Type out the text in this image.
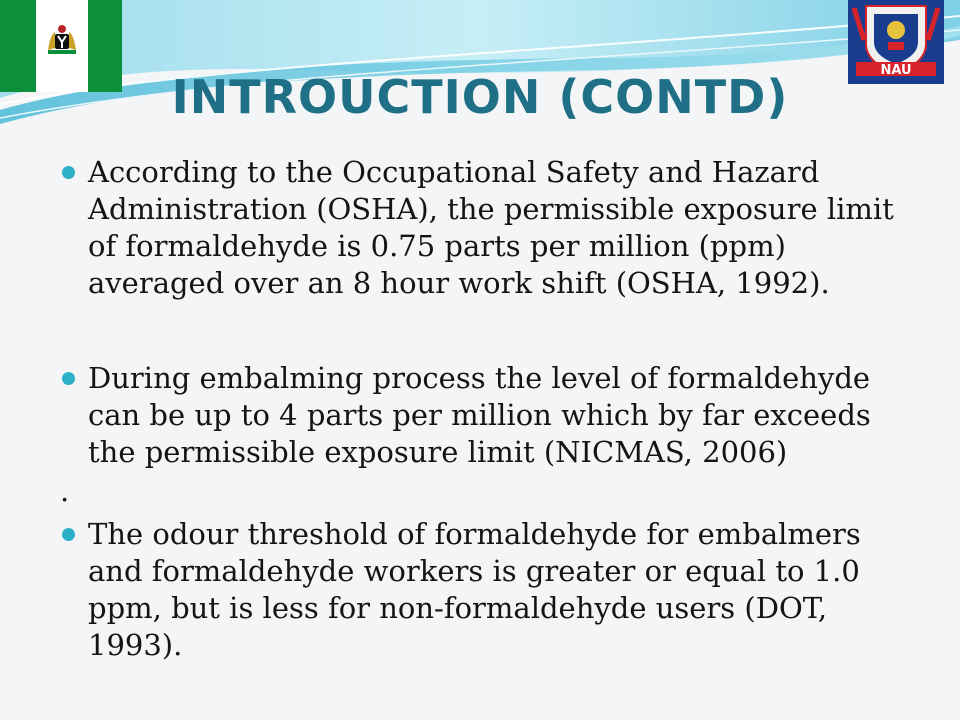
NAU
INTROUCTION (CONTD)
According to the Occupational Safety and Hazard Administration (OSHA), the permissible exposure limit of formaldehyde is 0.75 parts per million (ppm) averaged over an 8 hour work shift (OSHA, 1992).
During embalming process the level of formaldehyde can be up to 4 parts per million which by far exceeds the permissible exposure limit (NICMAS, 2006)
.
The odour threshold of formaldehyde for embalmers and formaldehyde workers is greater or equal to 1.0 ppm, but is less for non-formaldehyde users (DOT, 1993).
